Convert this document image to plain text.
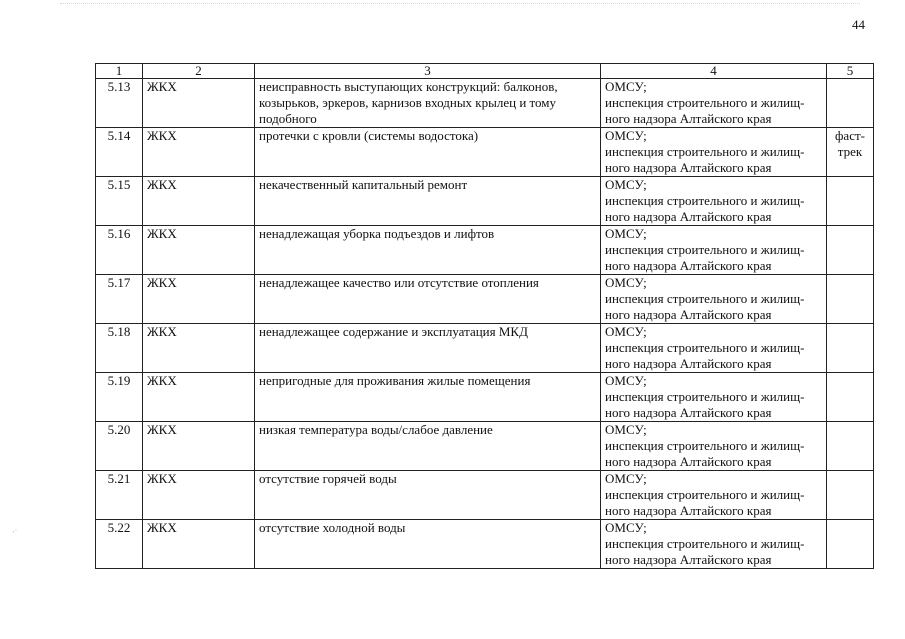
44
1	2	3	4	5
5.13	ЖКХ	неисправность выступающих конструкций: балконов, козырьков, эркеров, карнизов входных крылец и тому подобного	ОМСУ;
инспекция строительного и жилищ-ного надзора Алтайского края	
5.14	ЖКХ	протечки с кровли (системы водостока)	ОМСУ;
инспекция строительного и жилищ-ного надзора Алтайского края	фаст-трек
5.15	ЖКХ	некачественный капитальный ремонт	ОМСУ;
инспекция строительного и жилищ-ного надзора Алтайского края	
5.16	ЖКХ	ненадлежащая уборка подъездов и лифтов	ОМСУ;
инспекция строительного и жилищ-ного надзора Алтайского края	
5.17	ЖКХ	ненадлежащее качество или отсутствие отопления	ОМСУ;
инспекция строительного и жилищ-ного надзора Алтайского края	
5.18	ЖКХ	ненадлежащее содержание и эксплуатация МКД	ОМСУ;
инспекция строительного и жилищ-ного надзора Алтайского края	
5.19	ЖКХ	непригодные для проживания жилые помещения	ОМСУ;
инспекция строительного и жилищ-ного надзора Алтайского края	
5.20	ЖКХ	низкая температура воды/слабое давление	ОМСУ;
инспекция строительного и жилищ-ного надзора Алтайского края	
5.21	ЖКХ	отсутствие горячей воды	ОМСУ;
инспекция строительного и жилищ-ного надзора Алтайского края	
5.22	ЖКХ	отсутствие холодной воды	ОМСУ;
инспекция строительного и жилищ-ного надзора Алтайского края	
·˙
